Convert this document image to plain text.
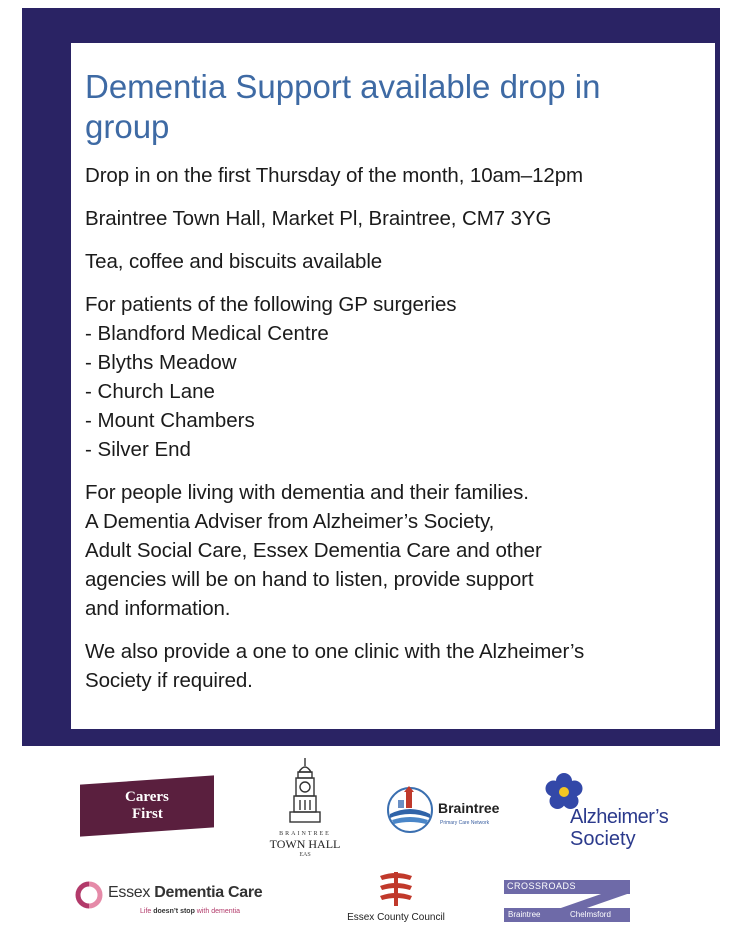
Dementia Support available drop in group

Drop in on the first Thursday of the month, 10am–12pm

Braintree Town Hall, Market Pl, Braintree, CM7 3YG

Tea, coffee and biscuits available

For patients of the following GP surgeries

- Blandford Medical Centre
- Blyths Meadow
- Church Lane
- Mount Chambers
- Silver End

For people living with dementia and their families.

A Dementia Adviser from Alzheimer’s Society,

Adult Social Care, Essex Dementia Care and other

agencies will be on hand to listen, provide support

and information.

We also provide a one to one clinic with the Alzheimer’s

Society if required.

Carers
First
BRAINTREE
TOWN HALL
EAS
Braintree
Primary Care Network	Alzheimer’s
Society
Essex Dementia Care
Life doesn’t stop with dementia
Essex County Council
CROSSROADS
Braintree	Chelmsford
